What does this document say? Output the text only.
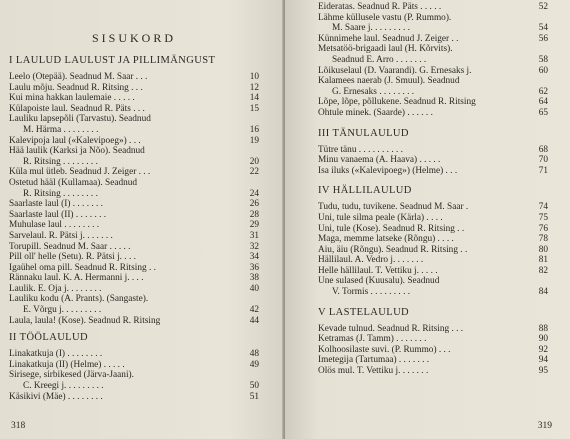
SISUKORD
I LAULUD LAULUST JA PILLIMÄNGUST
Leelo (Otepää). Seadnud M. Saar . . .	10
Laulu mõju. Seadnud R. Ritsing . . .	12
Kui mina hakkan laulemaie . . . . .	14
Külapoiste laul. Seadnud R. Päts . . .	15
Lauliku lapsepõli (Tarvastu). Seadnud
M. Härma . . . . . . . .	16
Kalevipoja laul («Kalevipoeg») . . .	19
Hää laulik (Karksi ja Nõo). Seadnud
R. Ritsing . . . . . . . .	20
Küla mul ütleb. Seadnud J. Zeiger . . .	22
Ostetud hääl (Kullamaa). Seadnud
R. Ritsing . . . . . . . .	24
Saarlaste laul (I) . . . . . . .	26
Saarlaste laul (II) . . . . . . .	28
Muhulase laul . . . . . . . .	29
Sarvelaul. R. Pätsi j. . . . . . .	31
Torupill. Seadnud M. Saar . . . . .	32
Pill oll' helle (Setu). R. Pätsi j. . . .	34
Igaühel oma pill. Seadnud R. Ritsing . .	36
Rännaku laul. K. A. Hermanni j. . . .	38
Laulik. E. Oja j. . . . . . . .	40
Lauliku kodu (A. Prants). (Sangaste).
E. Võrgu j. . . . . . . . .	42
Laula, laula! (Kose). Seadnud R. Ritsing	44
II TÖÖLAULUD
Linakatkuja (I) . . . . . . . .	48
Linakatkuja (II) (Helme) . . . . .	49
Sirisege, sirbikesed (Järva-Jaani).
C. Kreegi j. . . . . . . . .	50
Käsikivi (Mäe) . . . . . . . .	51
318
Eideratas. Seadnud R. Päts . . . . .	52
Lähme küllusele vastu (P. Rummo).
M. Saare j. . . . . . . . .	54
Künnimehe laul. Seadnud J. Zeiger . .	56
Metsatöö-brigaadi laul (H. Kõrvits).
Seadnud E. Arro . . . . . . .	58
Lõikuselaul (D. Vaarandi). G. Ernesaks j.	60
Kalamees naerab (J. Smuul). Seadnud
G. Ernesaks . . . . . . . .	62
Lõpe, lõpe, põllukene. Seadnud R. Ritsing	64
Õhtule minek. (Saarde) . . . . . .	65
III TÄNULAULUD
Tütre tänu . . . . . . . . . .	68
Minu vanaema (A. Haava) . . . . .	70
Isa iluks («Kalevipoeg») (Helme) . . .	71
IV HÄLLILAULUD
Tudu, tudu, tuvikene. Seadnud M. Saar .	74
Uni, tule silma peale (Kärla) . . . .	75
Uni, tule (Kose). Seadnud R. Ritsing . .	76
Maga, memme latseke (Rõngu) . . . .	78
Äiu, äiu (Rõngu). Seadnud R. Ritsing . .	80
Hällilaul. A. Vedro j. . . . . . .	81
Helle hällilaul. T. Vettiku j. . . . .	82
Une sulased (Kuusalu). Seadnud
V. Tormis . . . . . . . . .	84
V LASTELAULUD
Kevade tulnud. Seadnud R. Ritsing . . .	88
Ketramas (J. Tamm) . . . . . . .	90
Kolhoosilaste suvi. (P. Rummo) . . .	92
Imetegija (Tartumaa) . . . . . . .	94
Olös mul. T. Vettiku j. . . . . . .	95
319
